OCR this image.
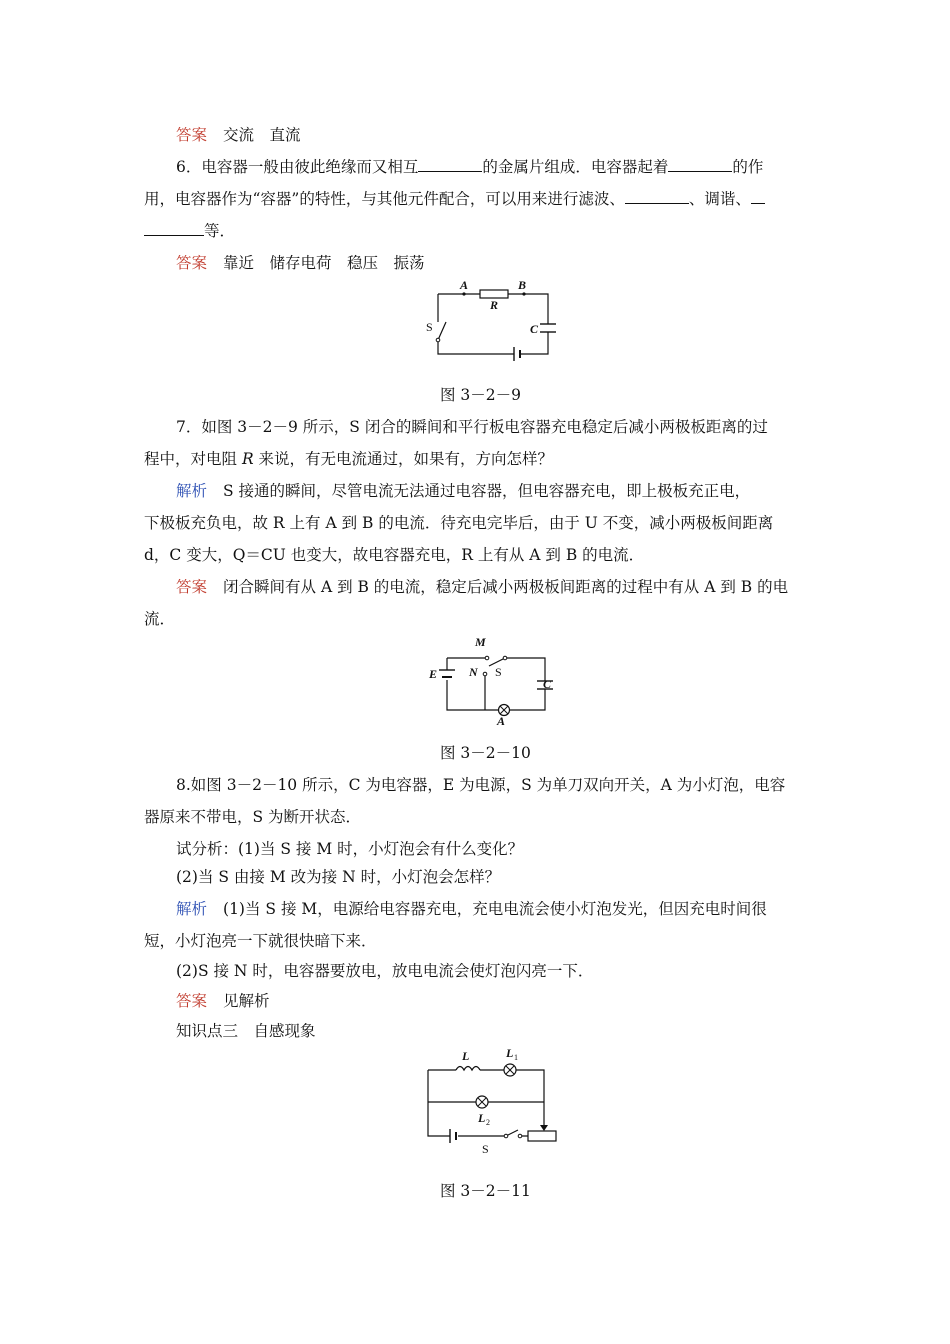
答案 交流　直流
6．电容器一般由彼此绝缘而又相互	的金属片组成．电容器起着	的作
用，电容器作为“容器”的特性，与其他元件配合，可以用来进行滤波、	、调谐、
等．
答案 靠近　储存电荷　稳压　振荡
A	B
R
S	C
图 3－2－9
7．如图 3－2－9 所示，S 闭合的瞬间和平行板电容器充电稳定后减小两极板距离的过
程中，对电阻 R 来说，有无电流通过，如果有，方向怎样？
解析 S 接通的瞬间，尽管电流无法通过电容器，但电容器充电，即上极板充正电，
下极板充负电，故 R 上有 A 到 B 的电流．待充电完毕后，由于 U 不变，减小两极板间距离
d，C 变大，Q＝CU 也变大，故电容器充电，R 上有从 A 到 B 的电流．
答案 闭合瞬间有从 A 到 B 的电流，稳定后减小两极板间距离的过程中有从 A 到 B 的电
流．
M
N
E	S
C
A
图 3－2－10
8.如图 3－2－10 所示，C 为电容器，E 为电源，S 为单刀双向开关，A 为小灯泡，电容
器原来不带电，S 为断开状态．
试分析：(1)当 S 接 M 时，小灯泡会有什么变化？
(2)当 S 由接 M 改为接 N 时，小灯泡会怎样？
解析 (1)当 S 接 M，电源给电容器充电，充电电流会使小灯泡发光，但因充电时间很
短，小灯泡亮一下就很快暗下来．
(2)S 接 N 时，电容器要放电，放电电流会使灯泡闪亮一下．
答案 见解析
知识点三　自感现象
L	L 1
L 2
S
图 3－2－11
